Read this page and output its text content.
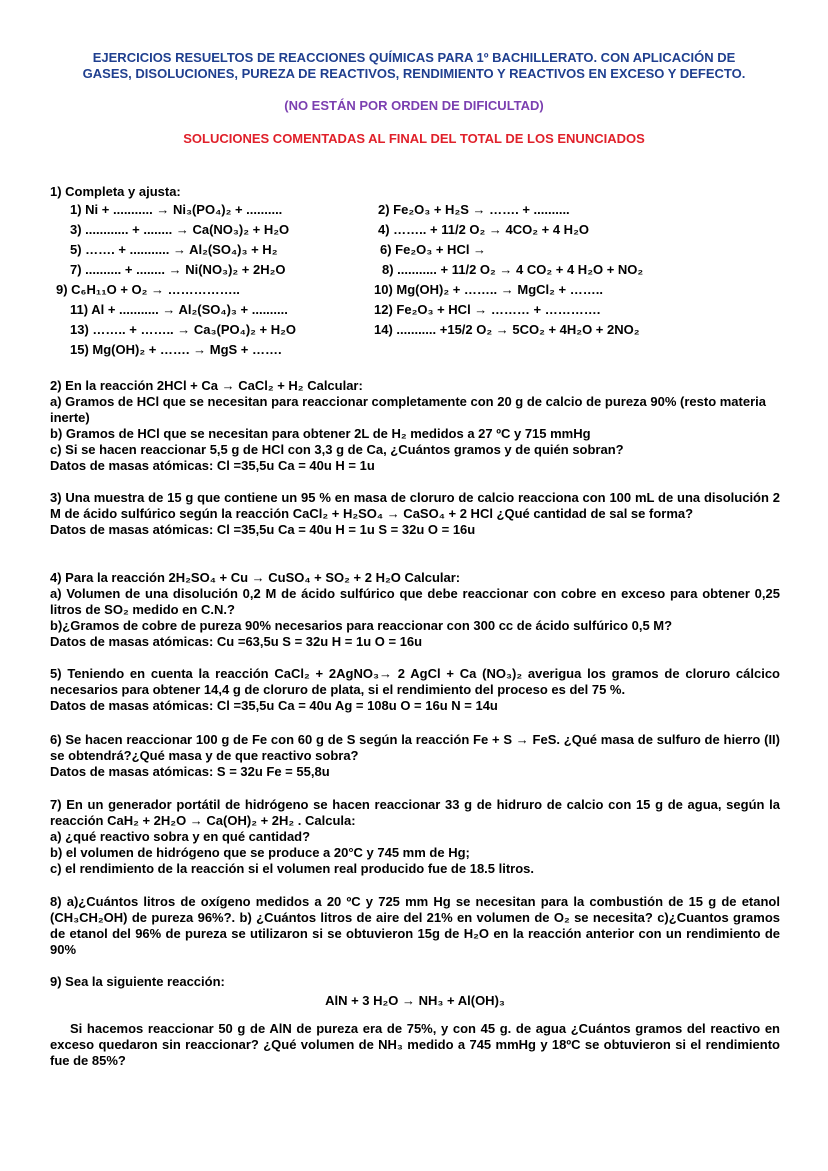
EJERCICIOS RESUELTOS DE REACCIONES QUÍMICAS PARA 1º BACHILLERATO. CON APLICACIÓN DE
GASES, DISOLUCIONES, PUREZA DE REACTIVOS, RENDIMIENTO Y REACTIVOS EN EXCESO Y DEFECTO.
(NO ESTÁN POR ORDEN DE DIFICULTAD)
SOLUCIONES COMENTADAS AL FINAL DEL TOTAL DE LOS ENUNCIADOS
1) Completa y ajusta:
1) Ni + ........... → Ni₃(PO₄)₂ + ..........
3) ............ + ........ → Ca(NO₃)₂ + H₂O
5) ……. + ........... → Al₂(SO₄)₃ + H₂
7) .......... + ........ → Ni(NO₃)₂ + 2H₂O
9) C₆H₁₁O + O₂ → ……………..
11) Al + ........... → Al₂(SO₄)₃ + ..........
13) …….. + …….. → Ca₃(PO₄)₂ + H₂O
15) Mg(OH)₂ + ……. → MgS + …….
2) Fe₂O₃ + H₂S → ……. + ..........
4) …….. + 11/2 O₂ → 4CO₂ + 4 H₂O
6) Fe₂O₃ + HCl →
8) ........... + 11/2 O₂ → 4 CO₂ + 4 H₂O + NO₂
10) Mg(OH)₂ + …….. → MgCl₂ + ……..
12) Fe₂O₃ + HCl → ……… + ………….
14) ........... +15/2 O₂ → 5CO₂ + 4H₂O + 2NO₂
2) En la reacción 2HCl + Ca → CaCl₂ + H₂ Calcular:
a) Gramos de HCl que se necesitan para reaccionar completamente con 20 g de calcio de pureza 90% (resto materia inerte)
b) Gramos de HCl que se necesitan para obtener 2L de H₂ medidos a 27 ºC y 715 mmHg
c) Si se hacen reaccionar 5,5 g de HCl con 3,3 g de Ca, ¿Cuántos gramos y de quién sobran?
Datos de masas atómicas: Cl =35,5u Ca = 40u H = 1u
3) Una muestra de 15 g que contiene un 95 % en masa de cloruro de calcio reacciona con 100 mL de una disolución 2 M de ácido sulfúrico según la reacción CaCl₂ + H₂SO₄ → CaSO₄ + 2 HCl ¿Qué cantidad de sal se forma?
Datos de masas atómicas: Cl =35,5u Ca = 40u H = 1u S = 32u O = 16u
4) Para la reacción 2H₂SO₄ + Cu → CuSO₄ + SO₂ + 2 H₂O Calcular:
a) Volumen de una disolución 0,2 M de ácido sulfúrico que debe reaccionar con cobre en exceso para obtener 0,25 litros de SO₂ medido en C.N.?
b)¿Gramos de cobre de pureza 90% necesarios para reaccionar con 300 cc de ácido sulfúrico 0,5 M?
Datos de masas atómicas: Cu =63,5u S = 32u H = 1u O = 16u
5) Teniendo en cuenta la reacción CaCl₂ + 2AgNO₃→ 2 AgCl + Ca (NO₃)₂ averigua los gramos de cloruro cálcico necesarios para obtener 14,4 g de cloruro de plata, si el rendimiento del proceso es del 75 %.
Datos de masas atómicas: Cl =35,5u Ca = 40u Ag = 108u O = 16u N = 14u
6) Se hacen reaccionar 100 g de Fe con 60 g de S según la reacción Fe + S → FeS. ¿Qué masa de sulfuro de hierro (II) se obtendrá?¿Qué masa y de que reactivo sobra?
Datos de masas atómicas: S = 32u Fe = 55,8u
7) En un generador portátil de hidrógeno se hacen reaccionar 33 g de hidruro de calcio con 15 g de agua, según la reacción CaH₂ + 2H₂O → Ca(OH)₂ + 2H₂ . Calcula:
a) ¿qué reactivo sobra y en qué cantidad?
b) el volumen de hidrógeno que se produce a 20°C y 745 mm de Hg;
c) el rendimiento de la reacción si el volumen real producido fue de 18.5 litros.
8) a)¿Cuántos litros de oxígeno medidos a 20 ºC y 725 mm Hg se necesitan para la combustión de 15 g de etanol (CH₃CH₂OH) de pureza 96%?. b) ¿Cuántos litros de aire del 21% en volumen de O₂ se necesita? c)¿Cuantos gramos de etanol del 96% de pureza se utilizaron si se obtuvieron 15g de H₂O en la reacción anterior con un rendimiento de 90%
9) Sea la siguiente reacción:
AlN + 3 H₂O → NH₃ + Al(OH)₃
Si hacemos reaccionar 50 g de AlN de pureza era de 75%, y con 45 g. de agua ¿Cuántos gramos del reactivo en exceso quedaron sin reaccionar? ¿Qué volumen de NH₃ medido a 745 mmHg y 18ºC se obtuvieron si el rendimiento fue de 85%?
